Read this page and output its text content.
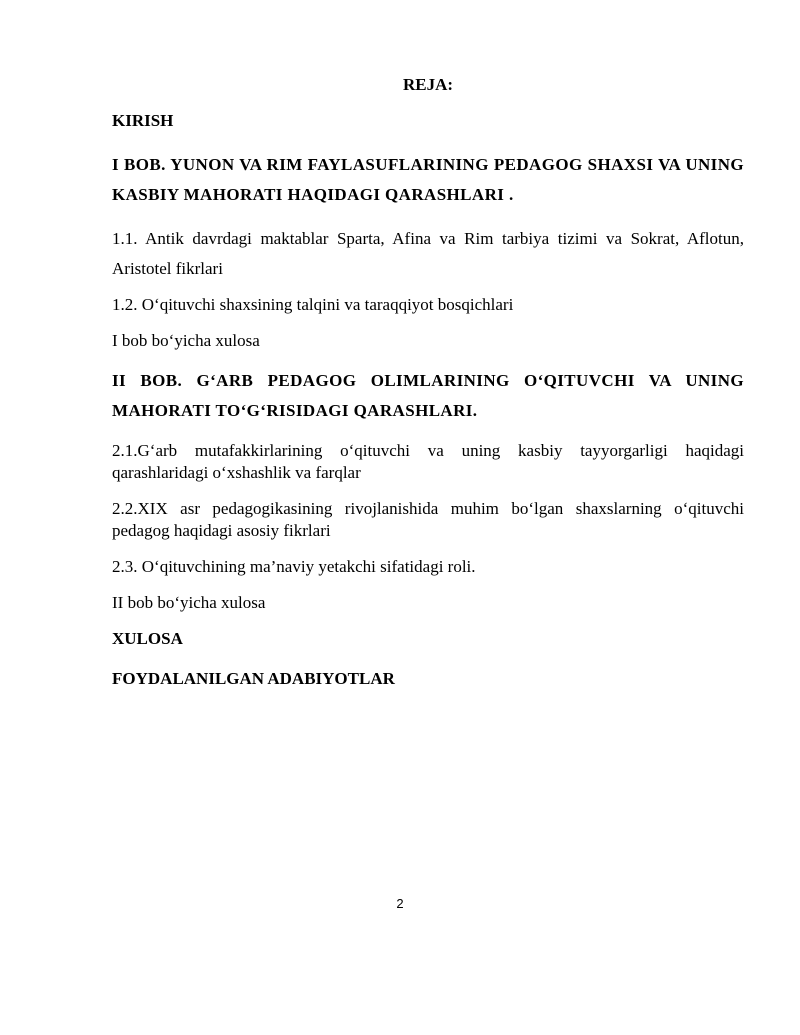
REJA:
KIRISH
I BOB. YUNON VA RIM FAYLASUFLARINING PEDAGOG SHAXSI VA UNING KASBIY MAHORATI HAQIDAGI QARASHLARI .
1.1. Antik davrdagi maktablar Sparta, Afina va Rim tarbiya tizimi va Sokrat, Aflotun, Aristotel fikrlari
1.2. O‘qituvchi shaxsining talqini va taraqqiyot bosqichlari
I bob bo‘yicha xulosa
II BOB. G‘ARB PEDAGOG OLIMLARINING O‘QITUVCHI VA UNING MAHORATI TO‘G‘RISIDAGI QARASHLARI.
2.1.G‘arb mutafakkirlarining o‘qituvchi va uning kasbiy tayyorgarligi haqidagi qarashlaridagi o‘xshashlik va farqlar
2.2.XIX asr pedagogikasining rivojlanishida muhim bo‘lgan shaxslarning o‘qituvchi pedagog haqidagi asosiy fikrlari
2.3. O‘qituvchining ma’naviy yetakchi sifatidagi roli.
II bob bo‘yicha xulosa
XULOSA
FOYDALANILGAN ADABIYOTLAR
2
